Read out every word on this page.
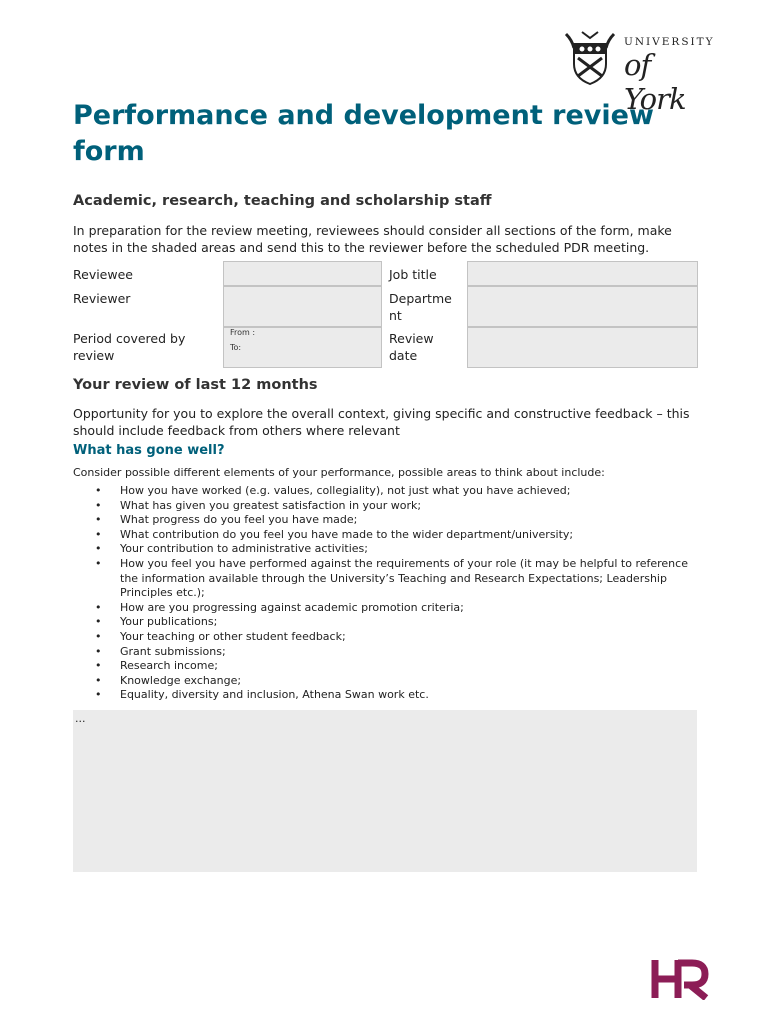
UNIVERSITY
of York
Performance and development review form
Academic, research, teaching and scholarship staff

In preparation for the review meeting, reviewees should consider all sections of the form, make notes in the shaded areas and send this to the reviewer before the scheduled PDR meeting.

Reviewee
Reviewer
Period covered by review
From :
To:
Job title
Departme nt
Review date
Your review of last 12 months

Opportunity for you to explore the overall context, giving specific and constructive feedback – this should include feedback from others where relevant

What has gone well?
Consider possible different elements of your performance, possible areas to think about include:
• How you have worked (e.g. values, collegiality), not just what you have achieved;
• What has given you greatest satisfaction in your work;
• What progress do you feel you have made;
• What contribution do you feel you have made to the wider department/university;
• Your contribution to administrative activities;
• How you feel you have performed against the requirements of your role (it may be helpful to reference the information available through the University’s Teaching and Research Expectations; Leadership Principles etc.);
• How are you progressing against academic promotion criteria;
• Your publications;
• Your teaching or other student feedback;
• Grant submissions;
• Research income;
• Knowledge exchange;
• Equality, diversity and inclusion, Athena Swan work etc.
...
